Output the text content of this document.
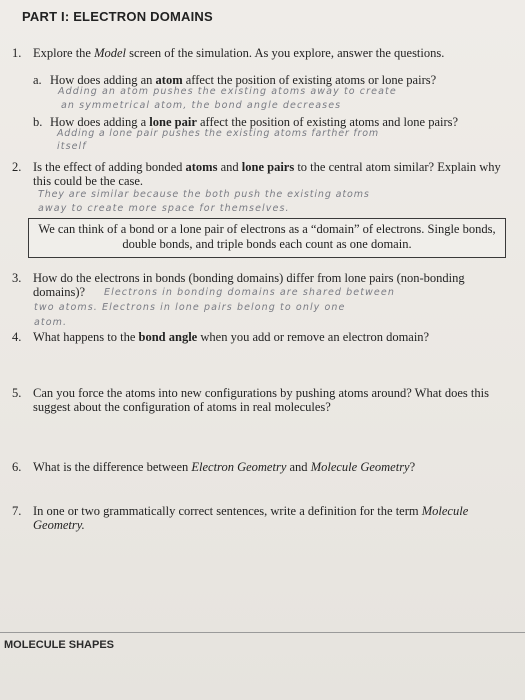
PART I: ELECTRON DOMAINS
1. Explore the Model screen of the simulation. As you explore, answer the questions.
a. How does adding an atom affect the position of existing atoms or lone pairs?
Adding an atom pushes the existing atoms away to create
an symmetrical atom, the bond angle decreases
b. How does adding a lone pair affect the position of existing atoms and lone pairs?
Adding a lone pair pushes the existing atoms farther from
itself
2. Is the effect of adding bonded atoms and lone pairs to the central atom similar? Explain why
this could be the case.
They are similar because the both push the existing atoms
away to create more space for themselves.
We can think of a bond or a lone pair of electrons as a “domain” of electrons. Single bonds,
double bonds, and triple bonds each count as one domain.
3. How do the electrons in bonds (bonding domains) differ from lone pairs (non-bonding
domains)? Electrons in bonding domains are shared between
two atoms. Electrons in lone pairs belong to only one
atom.
4. What happens to the bond angle when you add or remove an electron domain?
5. Can you force the atoms into new configurations by pushing atoms around? What does this
suggest about the configuration of atoms in real molecules?
6. What is the difference between Electron Geometry and Molecule Geometry?
7. In one or two grammatically correct sentences, write a definition for the term Molecule
Geometry.
MOLECULE SHAPES
